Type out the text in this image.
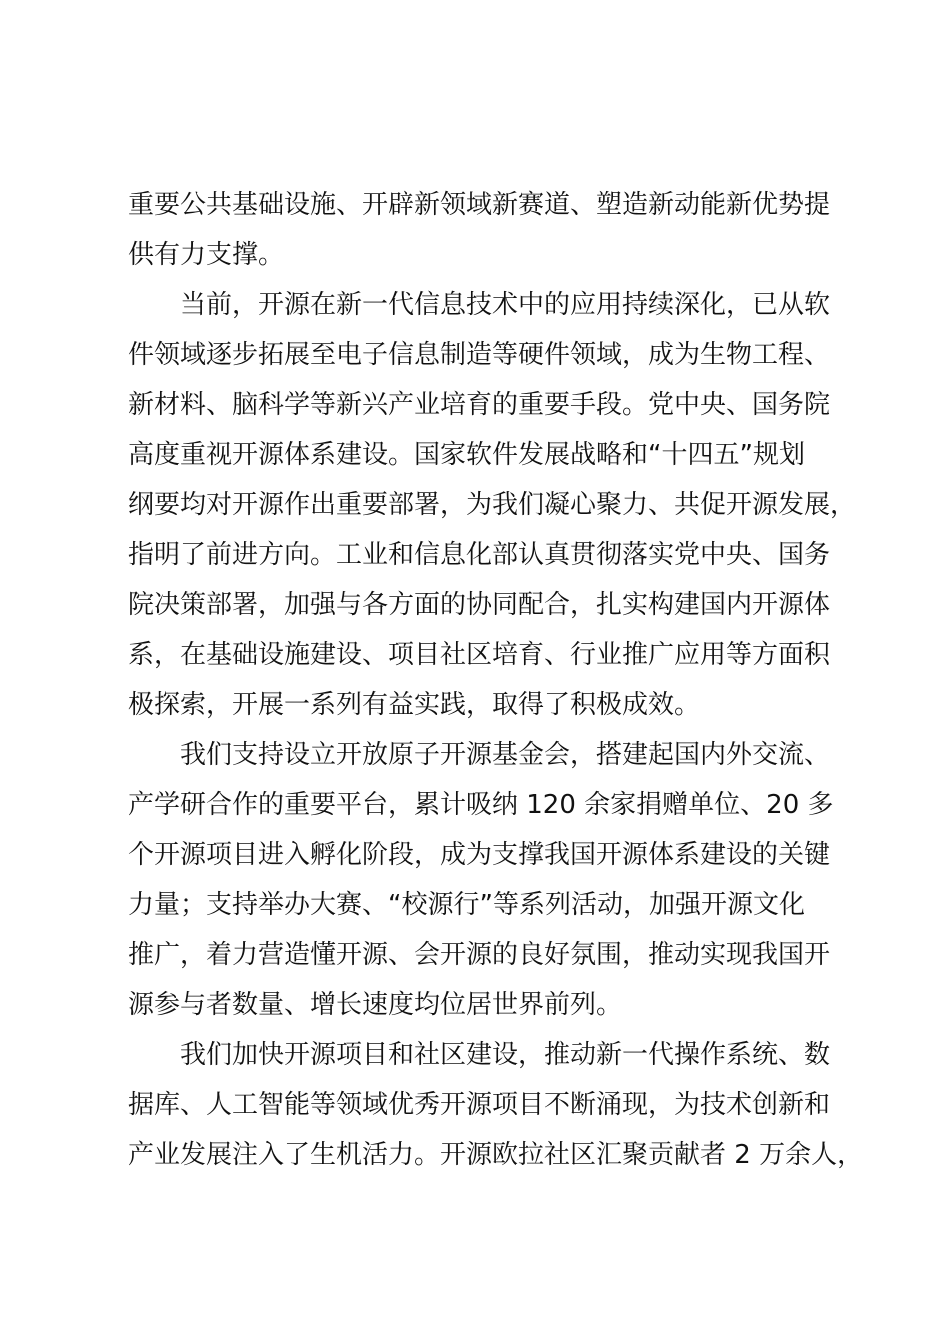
重要公共基础设施、开辟新领域新赛道、塑造新动能新优势提
供有力支撑。
当前，开源在新一代信息技术中的应用持续深化，已从软
件领域逐步拓展至电子信息制造等硬件领域，成为生物工程、
新材料、脑科学等新兴产业培育的重要手段。党中央、国务院
高度重视开源体系建设。国家软件发展战略和“十四五”规划
纲要均对开源作出重要部署，为我们凝心聚力、共促开源发展，
指明了前进方向。工业和信息化部认真贯彻落实党中央、国务
院决策部署，加强与各方面的协同配合，扎实构建国内开源体
系，在基础设施建设、项目社区培育、行业推广应用等方面积
极探索，开展一系列有益实践，取得了积极成效。
我们支持设立开放原子开源基金会，搭建起国内外交流、
产学研合作的重要平台，累计吸纳 120 余家捐赠单位、20 多
个开源项目进入孵化阶段，成为支撑我国开源体系建设的关键
力量；支持举办大赛、“校源行”等系列活动，加强开源文化
推广，着力营造懂开源、会开源的良好氛围，推动实现我国开
源参与者数量、增长速度均位居世界前列。
我们加快开源项目和社区建设，推动新一代操作系统、数
据库、人工智能等领域优秀开源项目不断涌现，为技术创新和
产业发展注入了生机活力。开源欧拉社区汇聚贡献者 2 万余人，
